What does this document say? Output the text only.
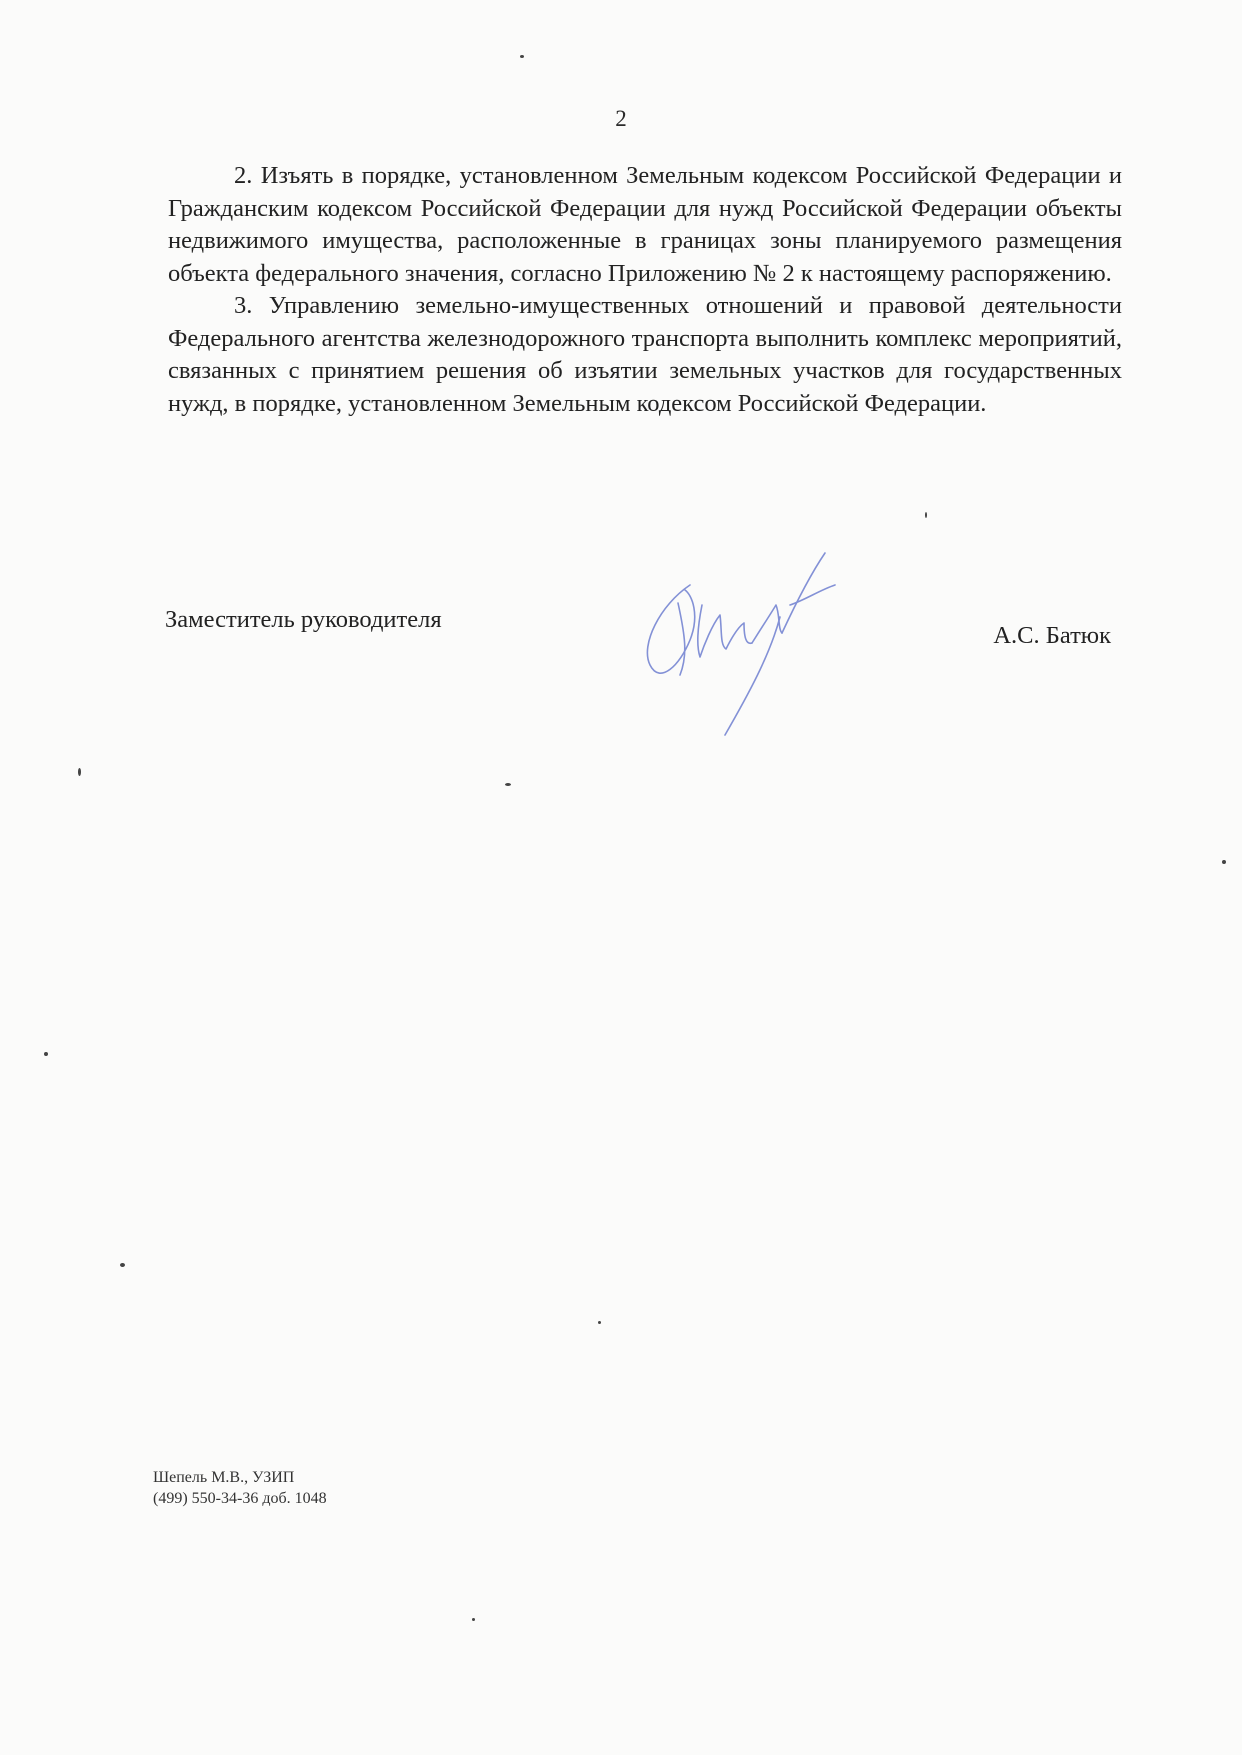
2

2. Изъять в порядке, установленном Земельным кодексом Российской Федерации и Гражданским кодексом Российской Федерации для нужд Российской Федерации объекты недвижимого имущества, расположенные в границах зоны планируемого размещения объекта федерального значения, согласно Приложению № 2 к настоящему распоряжению.

3. Управлению земельно-имущественных отношений и правовой деятельности Федерального агентства железнодорожного транспорта выполнить комплекс мероприятий, связанных с принятием решения об изъятии земельных участков для государственных нужд, в порядке, установленном Земельным кодексом Российской Федерации.

Заместитель руководителя
А.С. Батюк
Шепель М.В., УЗИП
(499) 550-34-36 доб. 1048
